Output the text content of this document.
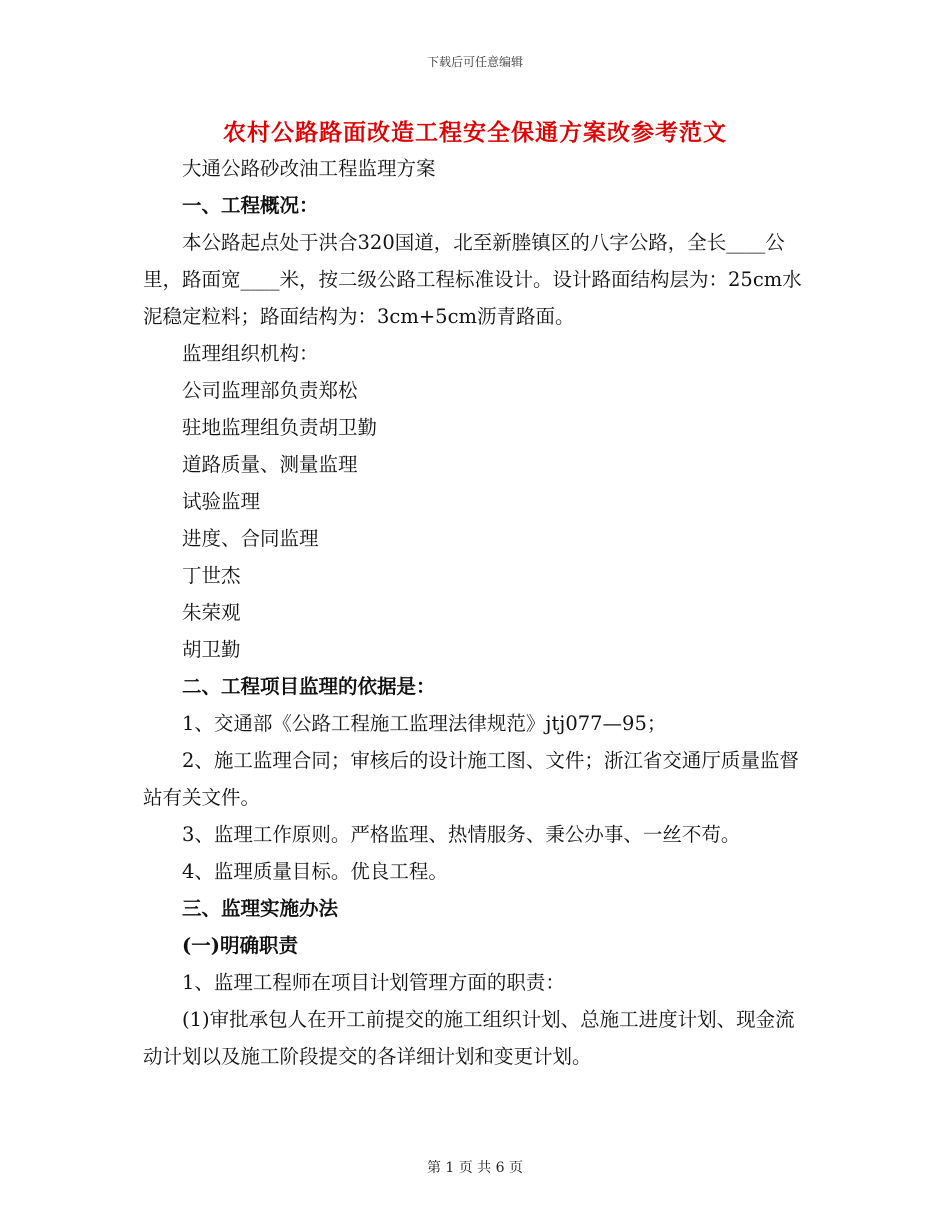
下载后可任意编辑
农村公路路面改造工程安全保通方案改参考范文

大通公路砂改油工程监理方案

一、工程概况：

本公路起点处于洪合320国道，北至新塍镇区的八字公路，全长____公里，路面宽____米，按二级公路工程标准设计。设计路面结构层为：25cm水泥稳定粒料；路面结构为：3cm+5cm沥青路面。

监理组织机构：

公司监理部负责郑松

驻地监理组负责胡卫勤

道路质量、测量监理

试验监理

进度、合同监理

丁世杰

朱荣观

胡卫勤

二、工程项目监理的依据是：

1、交通部《公路工程施工监理法律规范》jtj077—95；

2、施工监理合同；审核后的设计施工图、文件；浙江省交通厅质量监督站有关文件。

3、监理工作原则。严格监理、热情服务、秉公办事、一丝不苟。

4、监理质量目标。优良工程。

三、监理实施办法

(一)明确职责

1、监理工程师在项目计划管理方面的职责：

(1)审批承包人在开工前提交的施工组织计划、总施工进度计划、现金流动计划以及施工阶段提交的各详细计划和变更计划。

第 1 页 共 6 页
